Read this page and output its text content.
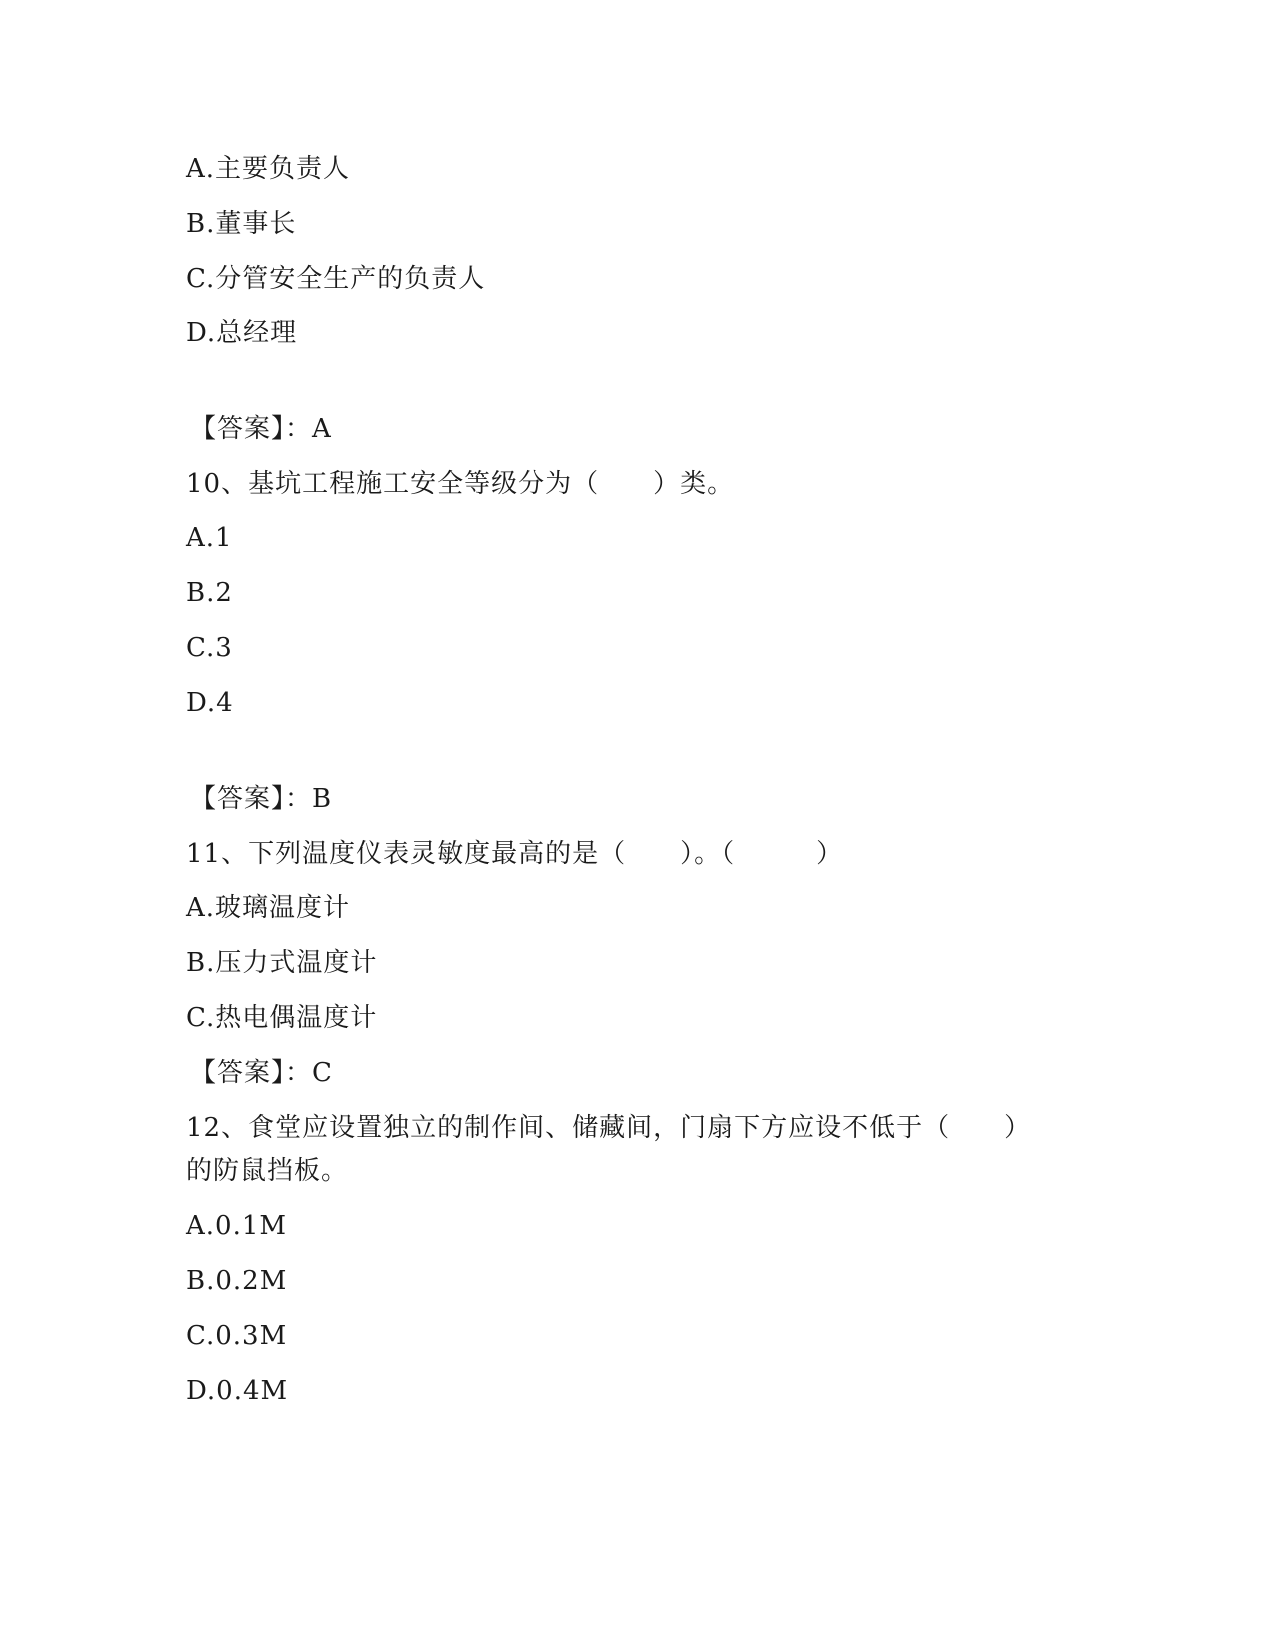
A.主要负责人
B.董事长
C.分管安全生产的负责人
D.总经理
【答案】：A
10、基坑工程施工安全等级分为（　　）类。
A.1
B.2
C.3
D.4
【答案】：B
11、下列温度仪表灵敏度最高的是（　　）。（　　　）
A.玻璃温度计
B.压力式温度计
C.热电偶温度计
【答案】：C
12、食堂应设置独立的制作间、储藏间，门扇下方应设不低于（　　）
的防鼠挡板。
A.0.1M
B.0.2M
C.0.3M
D.0.4M
